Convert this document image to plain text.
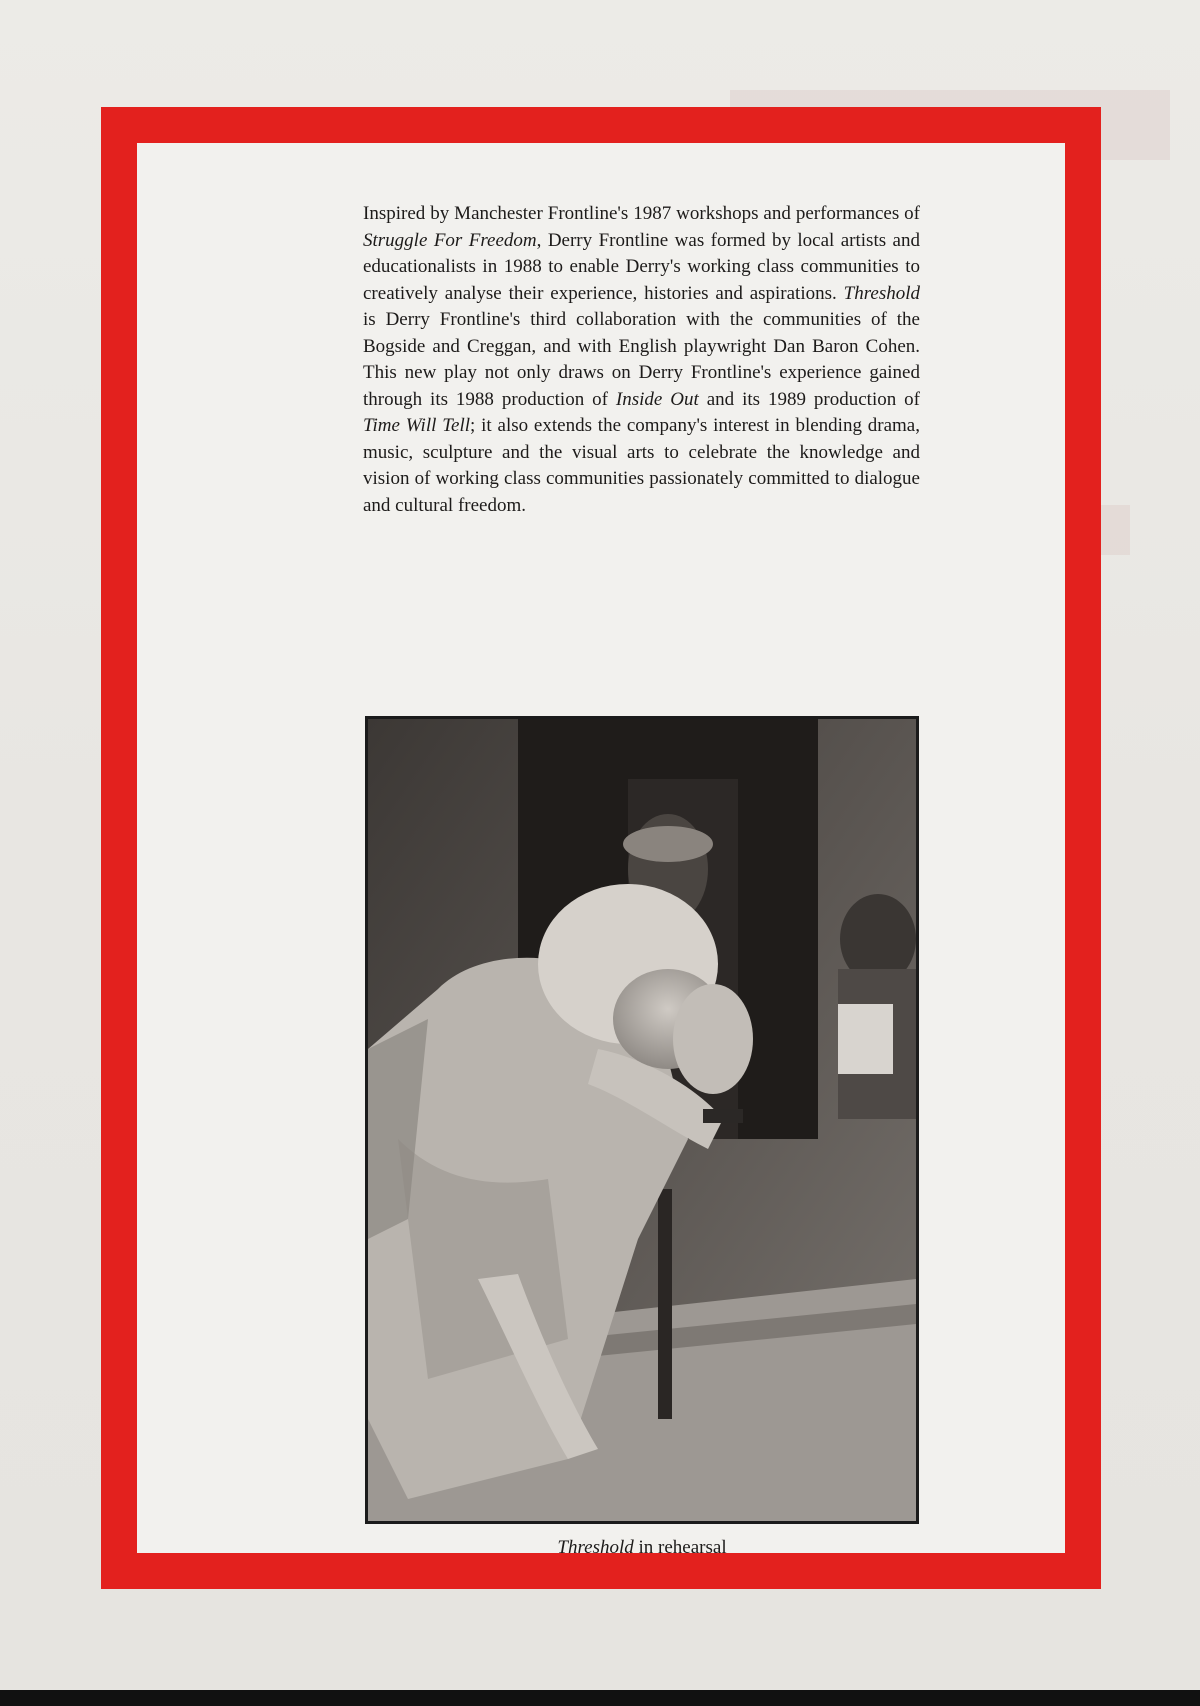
Inspired by Manchester Frontline's 1987 workshops and performances of Struggle For Freedom, Derry Frontline was formed by local artists and educationalists in 1988 to enable Derry's working class communities to creatively analyse their experience, histories and aspirations. Threshold is Derry Frontline's third collaboration with the communities of the Bogside and Creggan, and with English playwright Dan Baron Cohen. This new play not only draws on Derry Frontline's experience gained through its 1988 production of Inside Out and its 1989 production of Time Will Tell; it also extends the company's interest in blending drama, music, sculpture and the visual arts to celebrate the knowledge and vision of working class communities passionately committed to dialogue and cultural freedom.

Threshold in rehearsal
